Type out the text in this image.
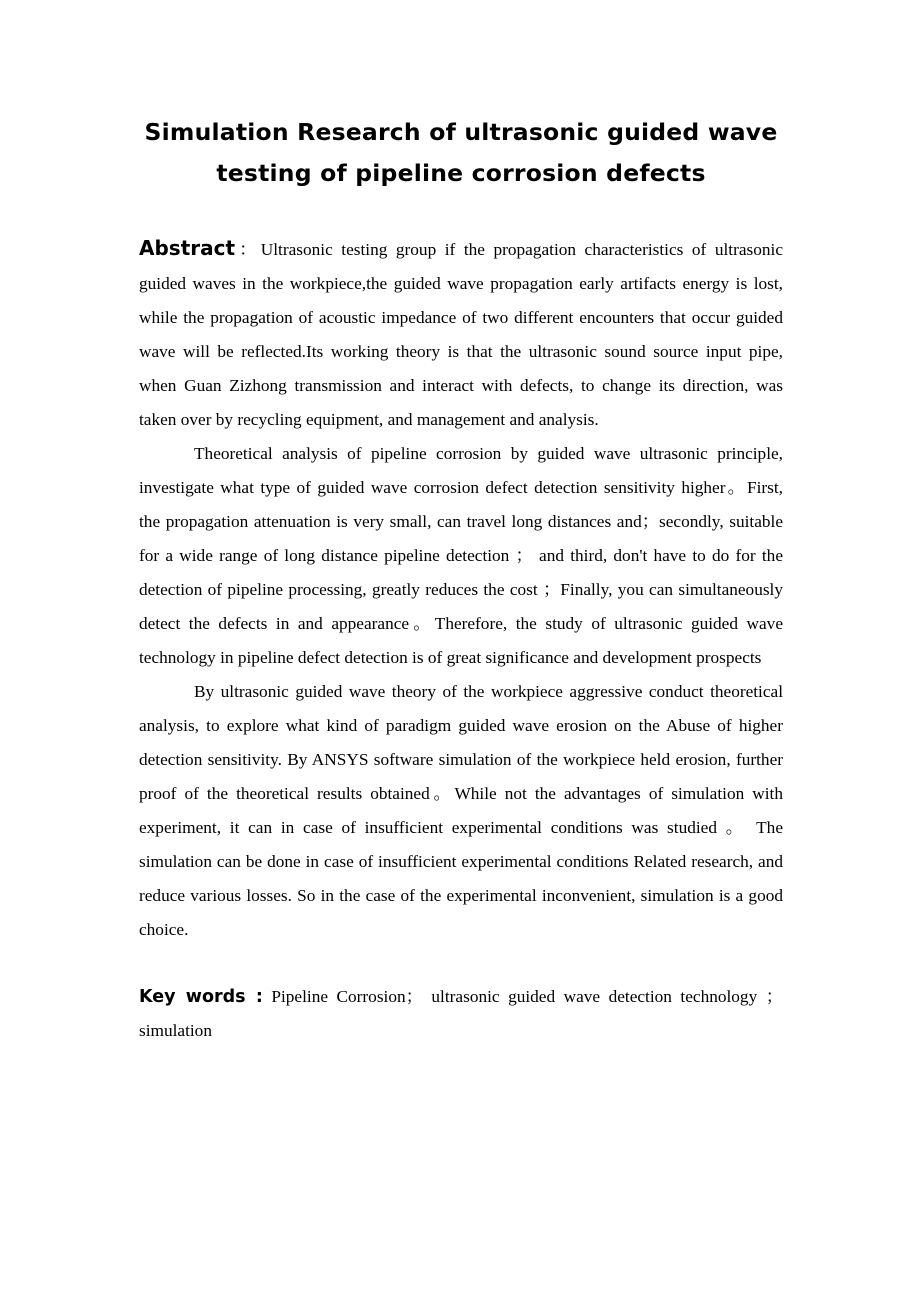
Simulation Research of ultrasonic guided wave testing of pipeline corrosion defects

Abstract：Ultrasonic testing group if the propagation characteristics of ultrasonic guided waves in the workpiece,the guided wave propagation early artifacts energy is lost, while the propagation of acoustic impedance of two different encounters that occur guided wave will be reflected.Its working theory is that the ultrasonic sound source input pipe, when Guan Zizhong transmission and interact with defects, to change its direction, was taken over by recycling equipment, and management and analysis.

Theoretical analysis of pipeline corrosion by guided wave ultrasonic principle, investigate what type of guided wave corrosion defect detection sensitivity higher。First, the propagation attenuation is very small, can travel long distances and；secondly, suitable for a wide range of long distance pipeline detection ； and third, don't have to do for the detection of pipeline processing, greatly reduces the cost ；Finally, you can simultaneously detect the defects in and appearance。Therefore, the study of ultrasonic guided wave technology in pipeline defect detection is of great significance and development prospects

By ultrasonic guided wave theory of the workpiece aggressive conduct theoretical analysis, to explore what kind of paradigm guided wave erosion on the Abuse of higher detection sensitivity. By ANSYS software simulation of the workpiece held erosion, further proof of the theoretical results obtained。While not the advantages of simulation with experiment, it can in case of insufficient experimental conditions was studied 。 The simulation can be done in case of insufficient experimental conditions Related research, and reduce various losses. So in the case of the experimental inconvenient, simulation is a good choice.

Key words : Pipeline Corrosion； ultrasonic guided wave detection technology ；simulation
